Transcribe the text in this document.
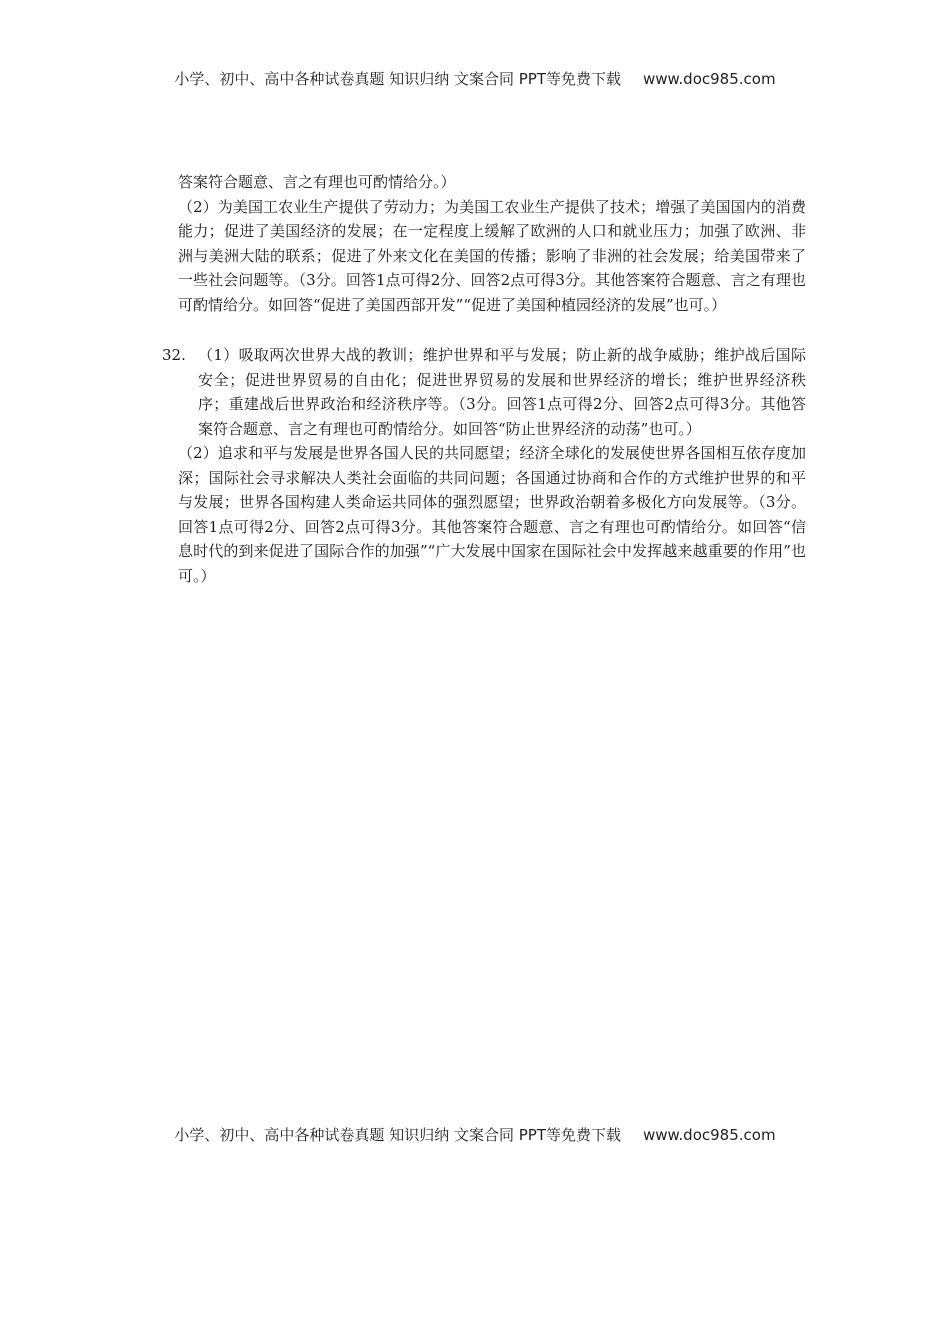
小学、初中、高中各种试卷真题 知识归纳 文案合同 PPT等免费下载 www.doc985.com

答案符合题意、言之有理也可酌情给分。）

（2）为美国工农业生产提供了劳动力；为美国工农业生产提供了技术；增强了美国国内的消费能力；促进了美国经济的发展；在一定程度上缓解了欧洲的人口和就业压力；加强了欧洲、非洲与美洲大陆的联系；促进了外来文化在美国的传播；影响了非洲的社会发展；给美国带来了一些社会问题等。（3分。回答1点可得2分、回答2点可得3分。其他答案符合题意、言之有理也可酌情给分。如回答“促进了美国西部开发”“促进了美国种植园经济的发展”也可。）

32. （1）吸取两次世界大战的教训；维护世界和平与发展；防止新的战争威胁；维护战后国际安全；促进世界贸易的自由化；促进世界贸易的发展和世界经济的增长；维护世界经济秩序；重建战后世界政治和经济秩序等。（3分。回答1点可得2分、回答2点可得3分。其他答案符合题意、言之有理也可酌情给分。如回答“防止世界经济的动荡”也可。）

（2）追求和平与发展是世界各国人民的共同愿望；经济全球化的发展使世界各国相互依存度加深；国际社会寻求解决人类社会面临的共同问题；各国通过协商和合作的方式维护世界的和平与发展；世界各国构建人类命运共同体的强烈愿望；世界政治朝着多极化方向发展等。（3分。回答1点可得2分、回答2点可得3分。其他答案符合题意、言之有理也可酌情给分。如回答“信息时代的到来促进了国际合作的加强”“广大发展中国家在国际社会中发挥越来越重要的作用”也可。）

小学、初中、高中各种试卷真题 知识归纳 文案合同 PPT等免费下载 www.doc985.com
